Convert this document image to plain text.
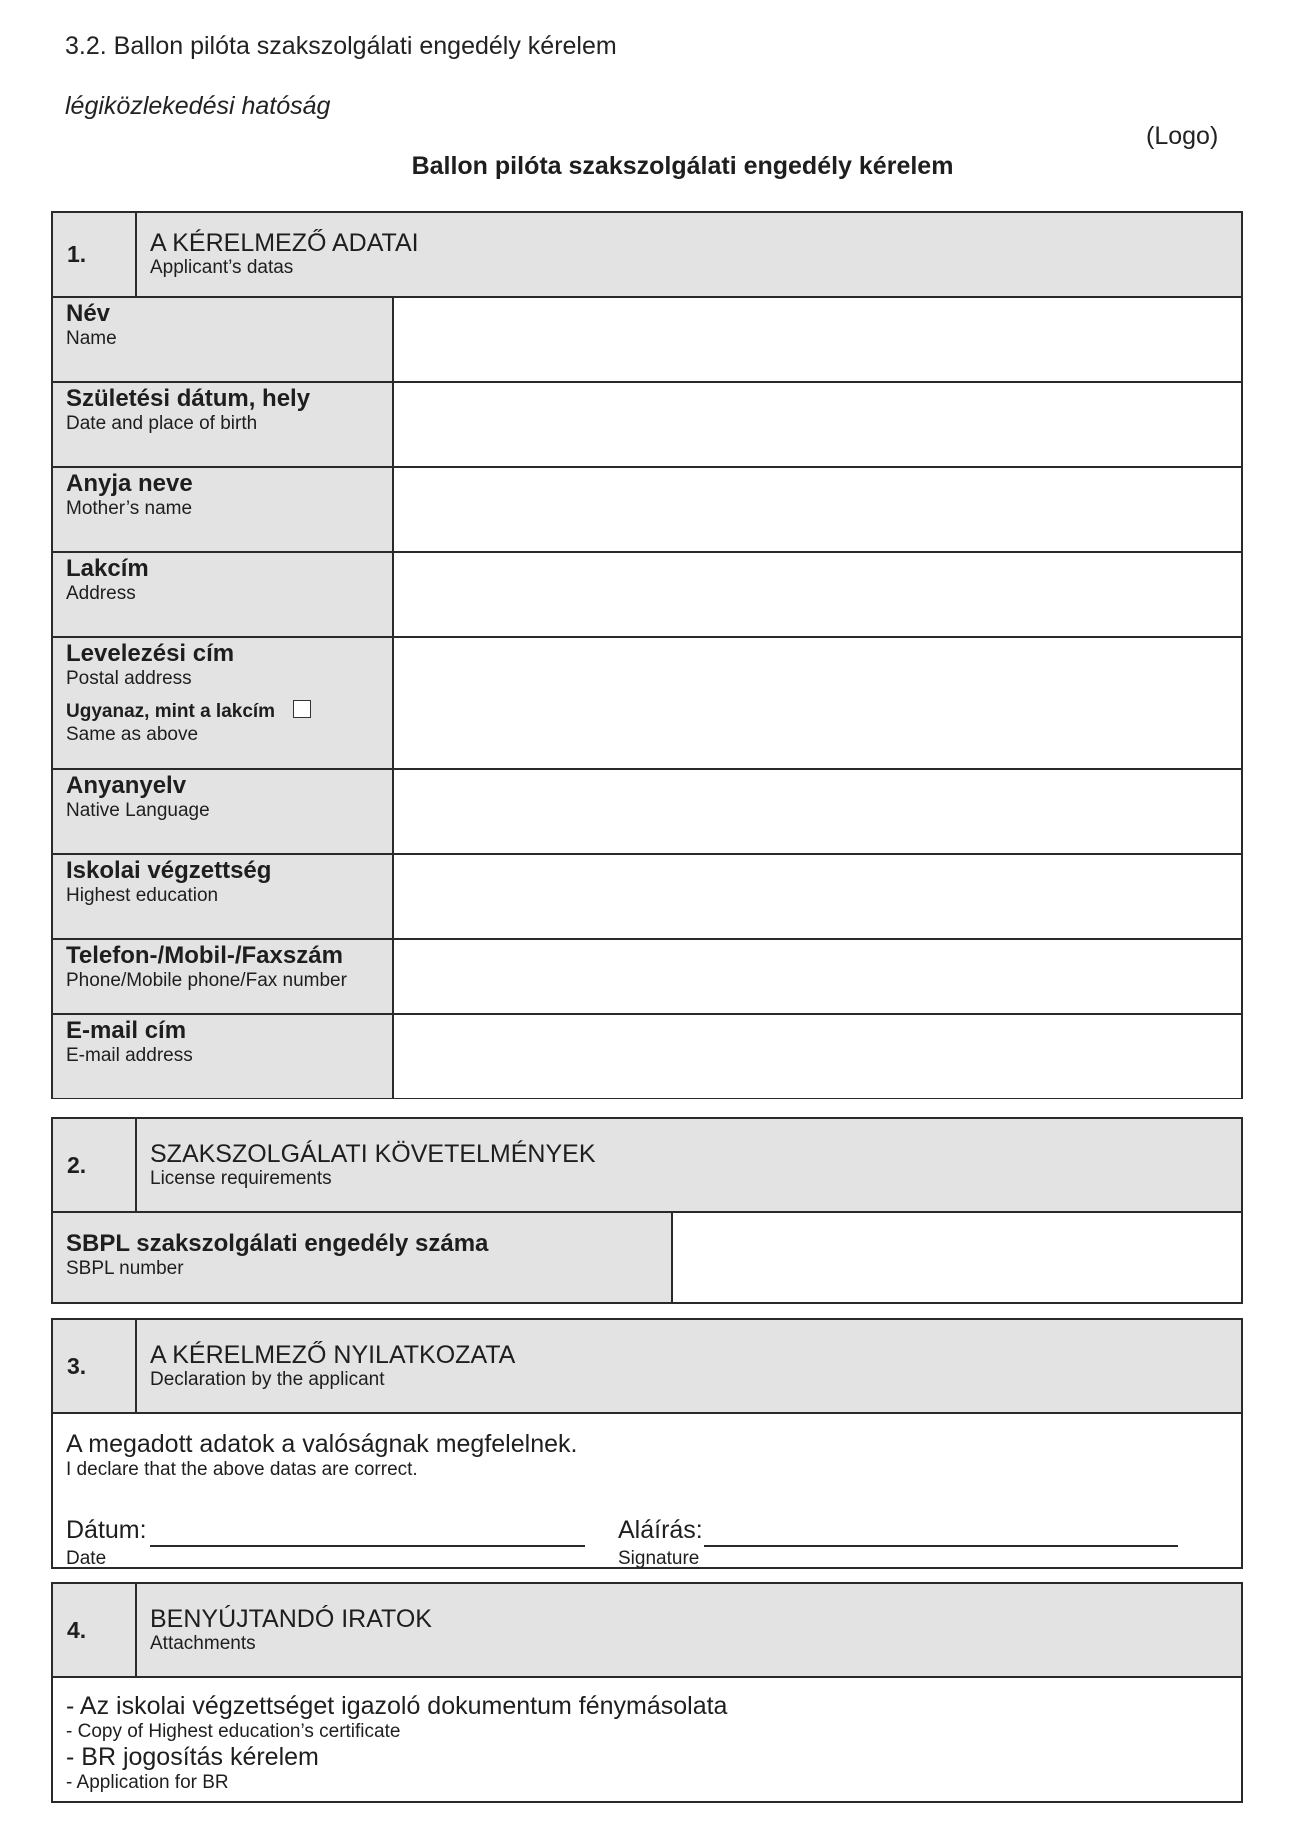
3.2. Ballon pilóta szakszolgálati engedély kérelem
légiközlekedési hatóság
(Logo)
Ballon pilóta szakszolgálati engedély kérelem
1.	A KÉRELMEZŐ ADATAI
Applicant’s datas
Név
Name
Születési dátum, hely
Date and place of birth
Anyja neve
Mother’s name
Lakcím
Address
Levelezési cím
Postal address
Ugyanaz, mint a lakcím
Same as above
Anyanyelv
Native Language
Iskolai végzettség
Highest education
Telefon-/Mobil-/Faxszám
Phone/Mobile phone/Fax number
E-mail cím
E-mail address
2.	SZAKSZOLGÁLATI KÖVETELMÉNYEK
License requirements
SBPL szakszolgálati engedély száma
SBPL number
3.	A KÉRELMEZŐ NYILATKOZATA
Declaration by the applicant
A megadott adatok a valóságnak megfelelnek.
I declare that the above datas are correct.
Dátum:
Date
Aláírás:
Signature
4.	BENYÚJTANDÓ IRATOK
Attachments
- Az iskolai végzettséget igazoló dokumentum fénymásolata
- Copy of Highest education’s certificate
- BR jogosítás kérelem
- Application for BR
